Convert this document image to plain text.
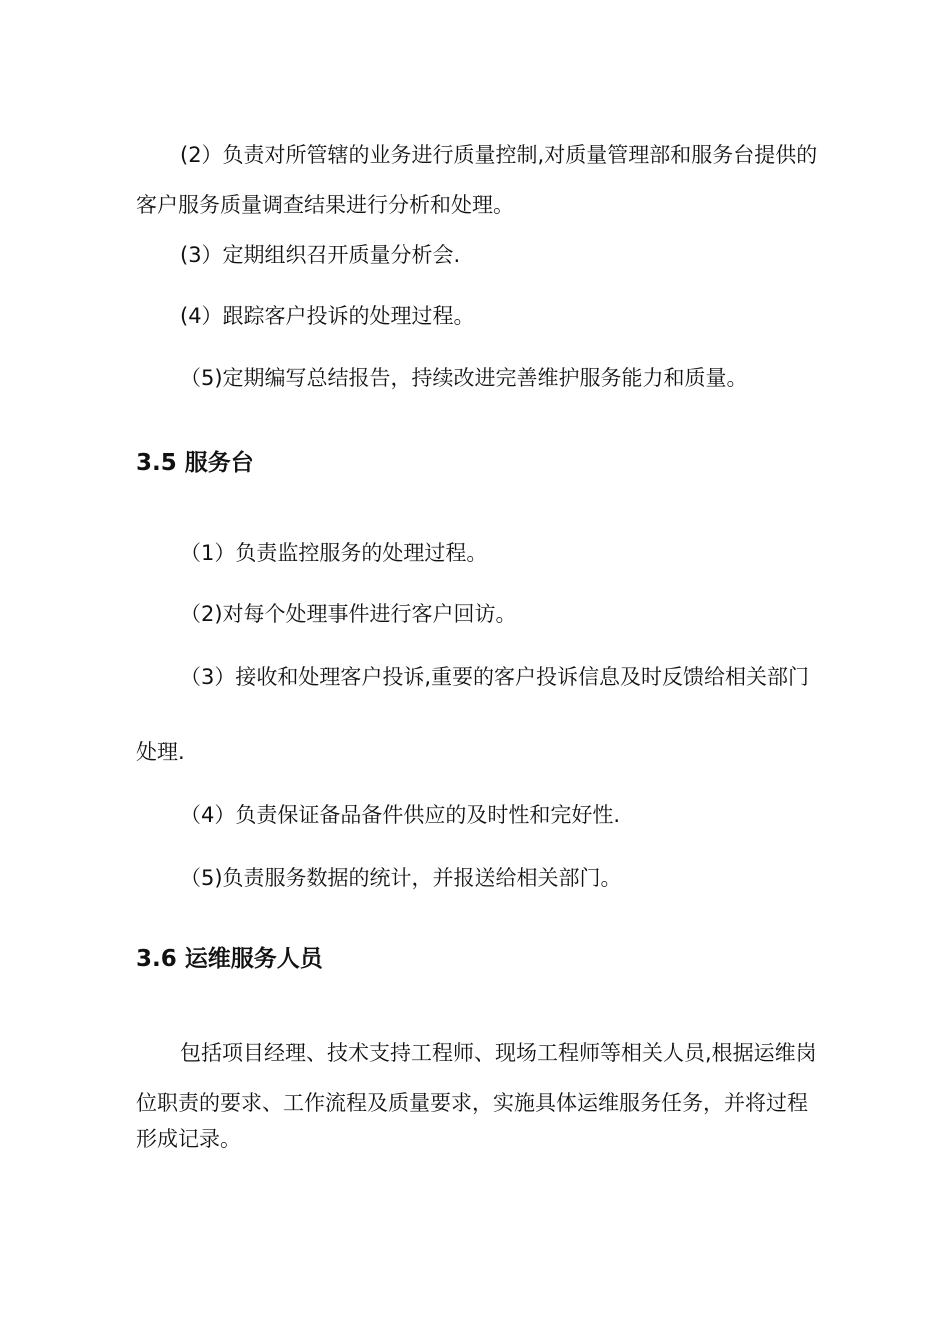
(2）负责对所管辖的业务进行质量控制,对质量管理部和服务台提供的

客户服务质量调查结果进行分析和处理。

(3）定期组织召开质量分析会.

(4）跟踪客户投诉的处理过程。

（5)定期编写总结报告，持续改进完善维护服务能力和质量。

3.5 服务台

（1）负责监控服务的处理过程。

（2)对每个处理事件进行客户回访。

（3）接收和处理客户投诉,重要的客户投诉信息及时反馈给相关部门

处理.

（4）负责保证备品备件供应的及时性和完好性.

（5)负责服务数据的统计，并报送给相关部门。

3.6 运维服务人员

包括项目经理、技术支持工程师、现场工程师等相关人员,根据运维岗

位职责的要求、工作流程及质量要求，实施具体运维服务任务，并将过程

形成记录。
